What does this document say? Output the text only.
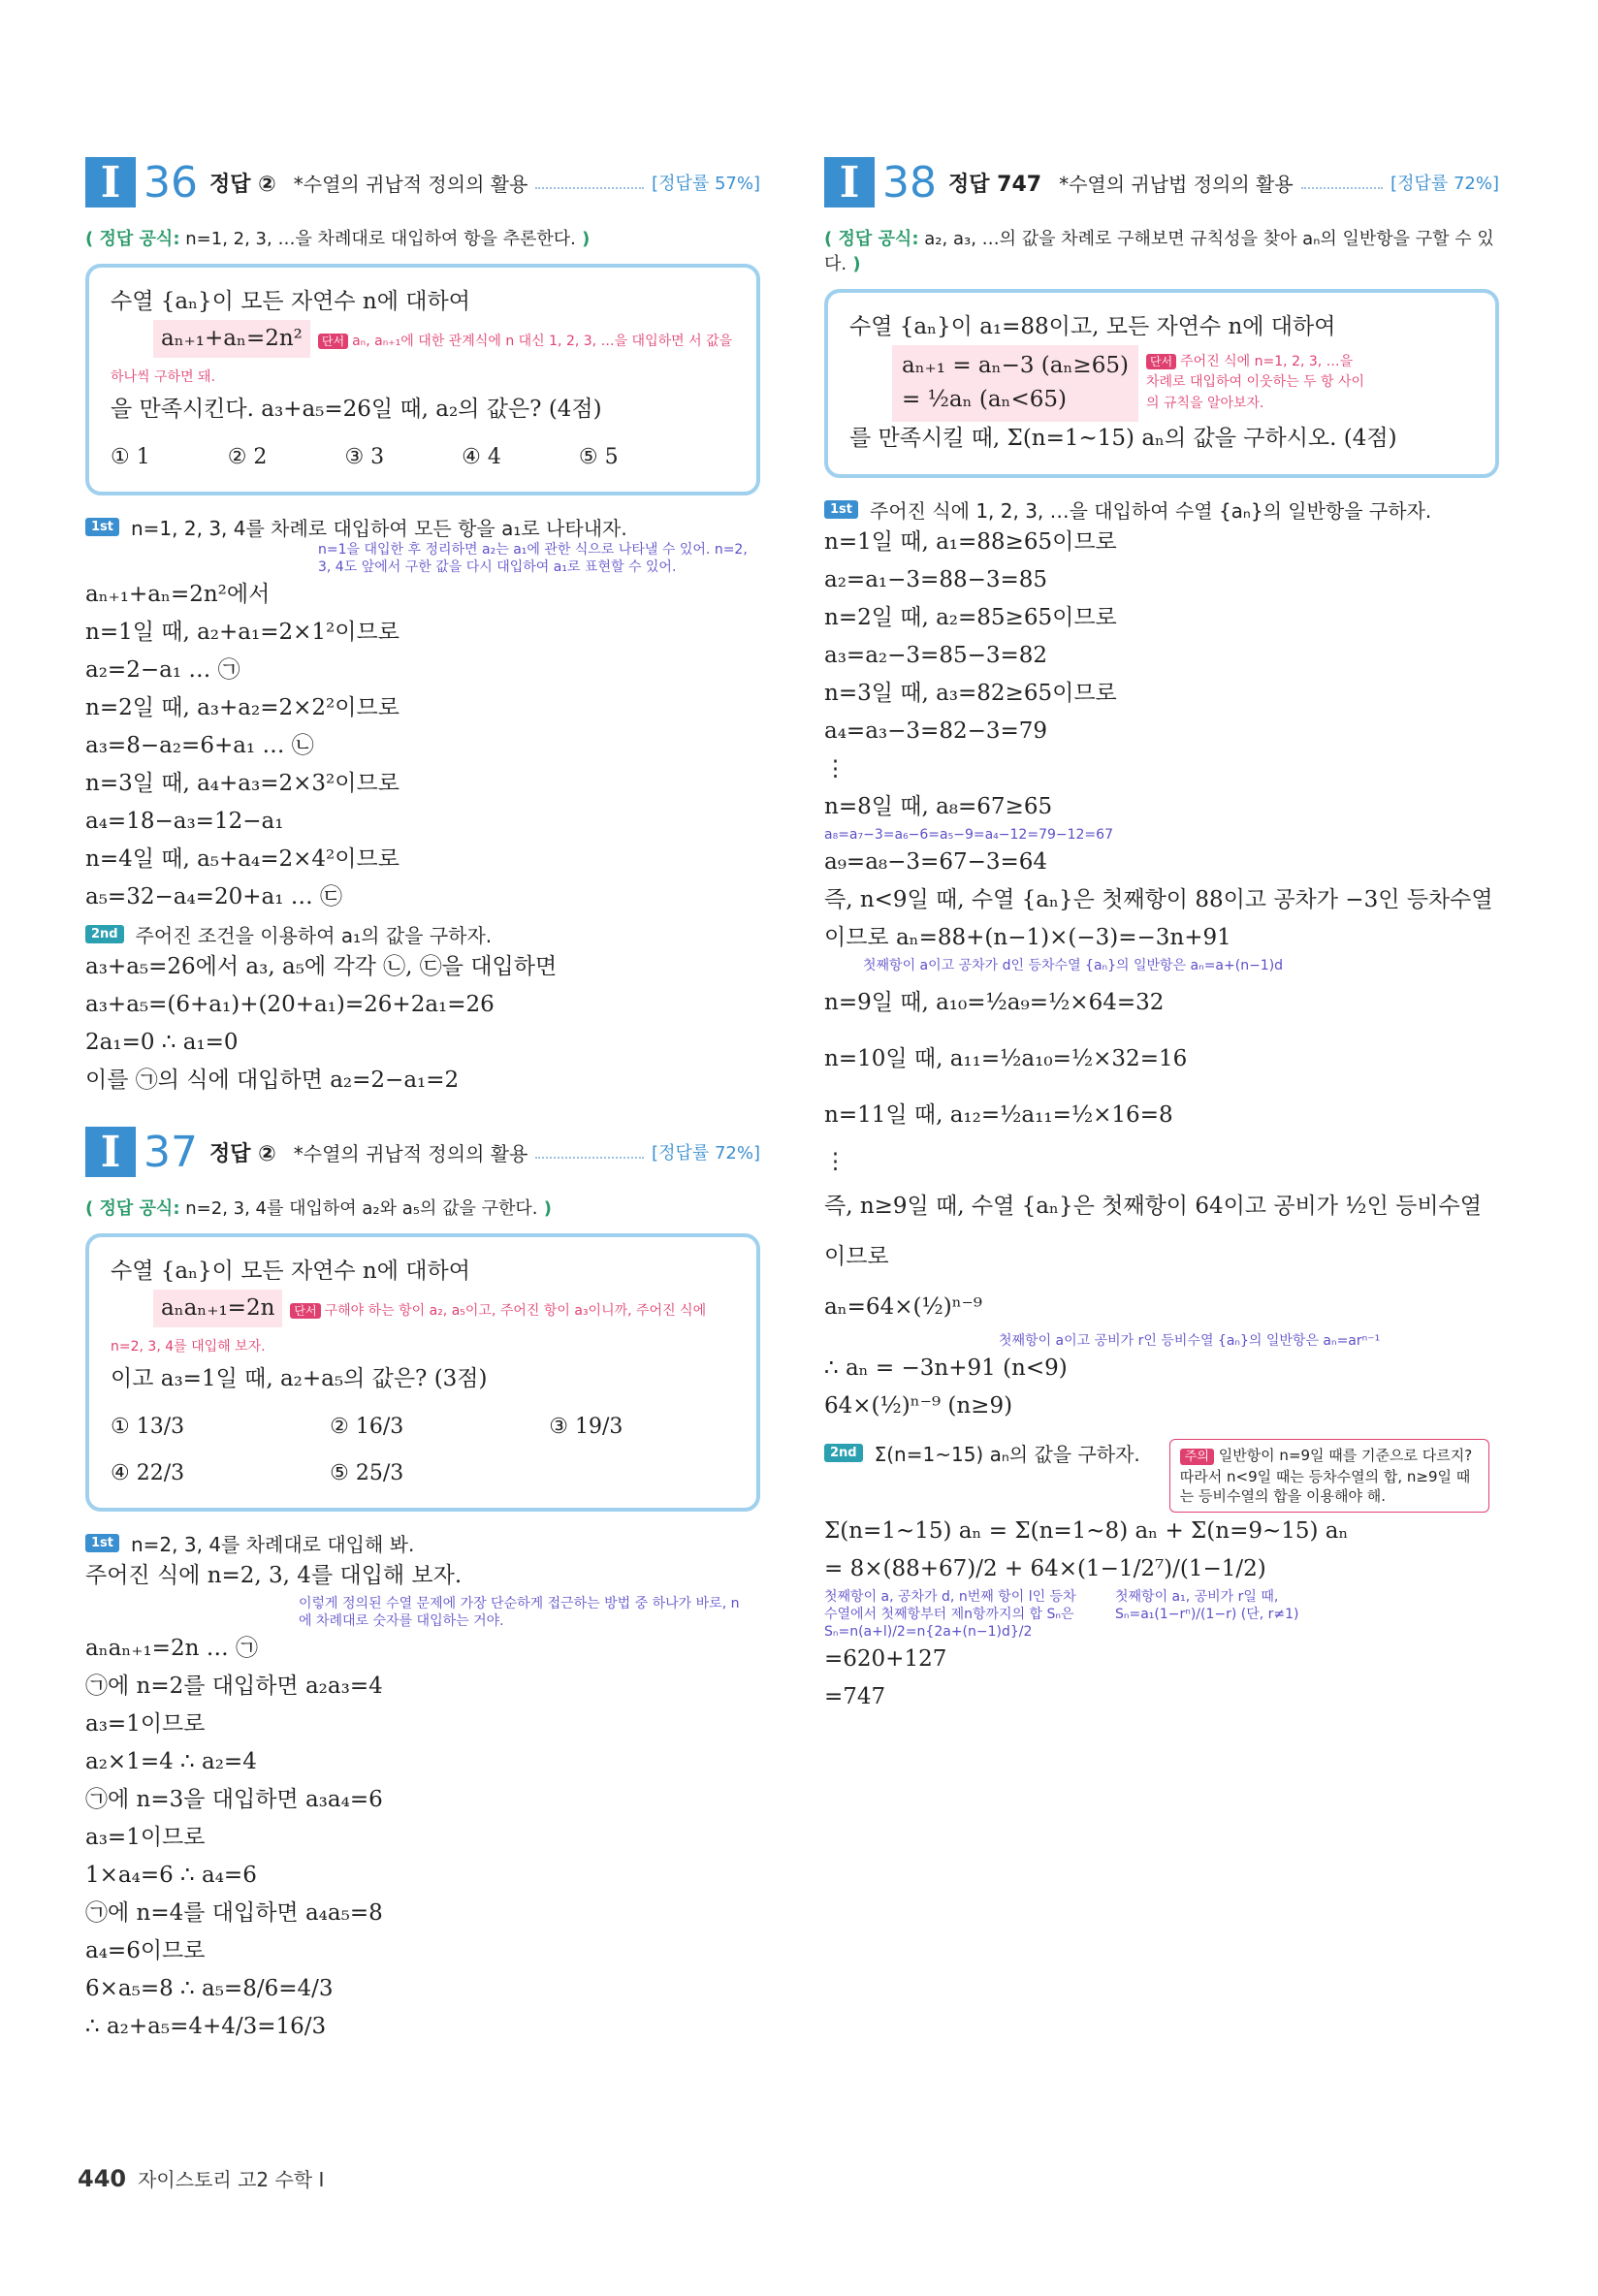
I 36 정답 ② *수열의 귀납적 정의의 활용	[정답률 57%]
( 정답 공식: n=1, 2, 3, …을 차례대로 대입하여 항을 추론한다. )
수열 {aₙ}이 모든 자연수 n에 대하여
aₙ₊₁+aₙ=2n² 단서 aₙ, aₙ₊₁에 대한 관계식에 n 대신 1, 2, 3, …을 대입하면 서 값을 하나씩 구하면 돼.
을 만족시킨다. a₃+a₅=26일 때, a₂의 값은? (4점)
① 1	② 2	③ 3	④ 4	⑤ 5
1st n=1, 2, 3, 4를 차례로 대입하여 모든 항을 a₁로 나타내자.
n=1을 대입한 후 정리하면 a₂는 a₁에 관한 식으로 나타낼 수 있어. n=2, 3, 4도 앞에서 구한 값을 다시 대입하여 a₁로 표현할 수 있어.
aₙ₊₁+aₙ=2n²에서
n=1일 때, a₂+a₁=2×1²이므로
a₂=2−a₁ … ㉠
n=2일 때, a₃+a₂=2×2²이므로
a₃=8−a₂=6+a₁ … ㉡
n=3일 때, a₄+a₃=2×3²이므로
a₄=18−a₃=12−a₁
n=4일 때, a₅+a₄=2×4²이므로
a₅=32−a₄=20+a₁ … ㉢
2nd 주어진 조건을 이용하여 a₁의 값을 구하자.
a₃+a₅=26에서 a₃, a₅에 각각 ㉡, ㉢을 대입하면
a₃+a₅=(6+a₁)+(20+a₁)=26+2a₁=26
2a₁=0 ∴ a₁=0
이를 ㉠의 식에 대입하면 a₂=2−a₁=2
I 37 정답 ② *수열의 귀납적 정의의 활용	[정답률 72%]
( 정답 공식: n=2, 3, 4를 대입하여 a₂와 a₅의 값을 구한다. )
수열 {aₙ}이 모든 자연수 n에 대하여
aₙaₙ₊₁=2n 단서 구해야 하는 항이 a₂, a₅이고, 주어진 항이 a₃이니까, 주어진 식에 n=2, 3, 4를 대입해 보자.
이고 a₃=1일 때, a₂+a₅의 값은? (3점)
① 13/3	② 16/3	③ 19/3
④ 22/3	⑤ 25/3
1st n=2, 3, 4를 차례대로 대입해 봐.
주어진 식에 n=2, 3, 4를 대입해 보자.
이렇게 정의된 수열 문제에 가장 단순하게 접근하는 방법 중 하나가 바로, n에 차례대로 숫자를 대입하는 거야.
aₙaₙ₊₁=2n … ㉠
㉠에 n=2를 대입하면 a₂a₃=4
a₃=1이므로
a₂×1=4 ∴ a₂=4
㉠에 n=3을 대입하면 a₃a₄=6
a₃=1이므로
1×a₄=6 ∴ a₄=6
㉠에 n=4를 대입하면 a₄a₅=8
a₄=6이므로
6×a₅=8 ∴ a₅=8/6=4/3
∴ a₂+a₅=4+4/3=16/3
I 38 정답 747 *수열의 귀납법 정의의 활용	[정답률 72%]
( 정답 공식: a₂, a₃, …의 값을 차례로 구해보면 규칙성을 찾아 aₙ의 일반항을 구할 수 있다. )
수열 {aₙ}이 a₁=88이고, 모든 자연수 n에 대하여
aₙ₊₁ = aₙ−3 (aₙ≥65)
= ½aₙ (aₙ<65)
단서 주어진 식에 n=1, 2, 3, …을 차례로 대입하여 이웃하는 두 항 사이의 규칙을 알아보자.
를 만족시킬 때, Σ(n=1~15) aₙ의 값을 구하시오. (4점)
1st 주어진 식에 1, 2, 3, …을 대입하여 수열 {aₙ}의 일반항을 구하자.
n=1일 때, a₁=88≥65이므로
a₂=a₁−3=88−3=85
n=2일 때, a₂=85≥65이므로
a₃=a₂−3=85−3=82
n=3일 때, a₃=82≥65이므로
a₄=a₃−3=82−3=79
⋮
n=8일 때, a₈=67≥65
a₈=a₇−3=a₆−6=a₅−9=a₄−12=79−12=67
a₉=a₈−3=67−3=64
즉, n<9일 때, 수열 {aₙ}은 첫째항이 88이고 공차가 −3인 등차수열
이므로 aₙ=88+(n−1)×(−3)=−3n+91
첫째항이 a이고 공차가 d인 등차수열 {aₙ}의 일반항은 aₙ=a+(n−1)d
n=9일 때, a₁₀=½a₉=½×64=32
n=10일 때, a₁₁=½a₁₀=½×32=16
n=11일 때, a₁₂=½a₁₁=½×16=8
⋮
즉, n≥9일 때, 수열 {aₙ}은 첫째항이 64이고 공비가 ½인 등비수열이므로
aₙ=64×(½)ⁿ⁻⁹
첫째항이 a이고 공비가 r인 등비수열 {aₙ}의 일반항은 aₙ=arⁿ⁻¹
∴ aₙ = −3n+91 (n<9)
64×(½)ⁿ⁻⁹ (n≥9)
2nd Σ(n=1~15) aₙ의 값을 구하자.	주의 일반항이 n=9일 때를 기준으로 다르지? 따라서 n<9일 때는 등차수열의 합, n≥9일 때는 등비수열의 합을 이용해야 해.
Σ(n=1~15) aₙ = Σ(n=1~8) aₙ + Σ(n=9~15) aₙ
= 8×(88+67)/2 + 64×(1−1/2⁷)/(1−1/2)
첫째항이 a, 공차가 d, n번째 항이 l인 등차수열에서 첫째항부터 제n항까지의 합 Sₙ은 Sₙ=n(a+l)/2=n{2a+(n−1)d}/2
첫째항이 a₁, 공비가 r일 때, Sₙ=a₁(1−rⁿ)/(1−r) (단, r≠1)
=620+127
=747
440 자이스토리 고2 수학 I
